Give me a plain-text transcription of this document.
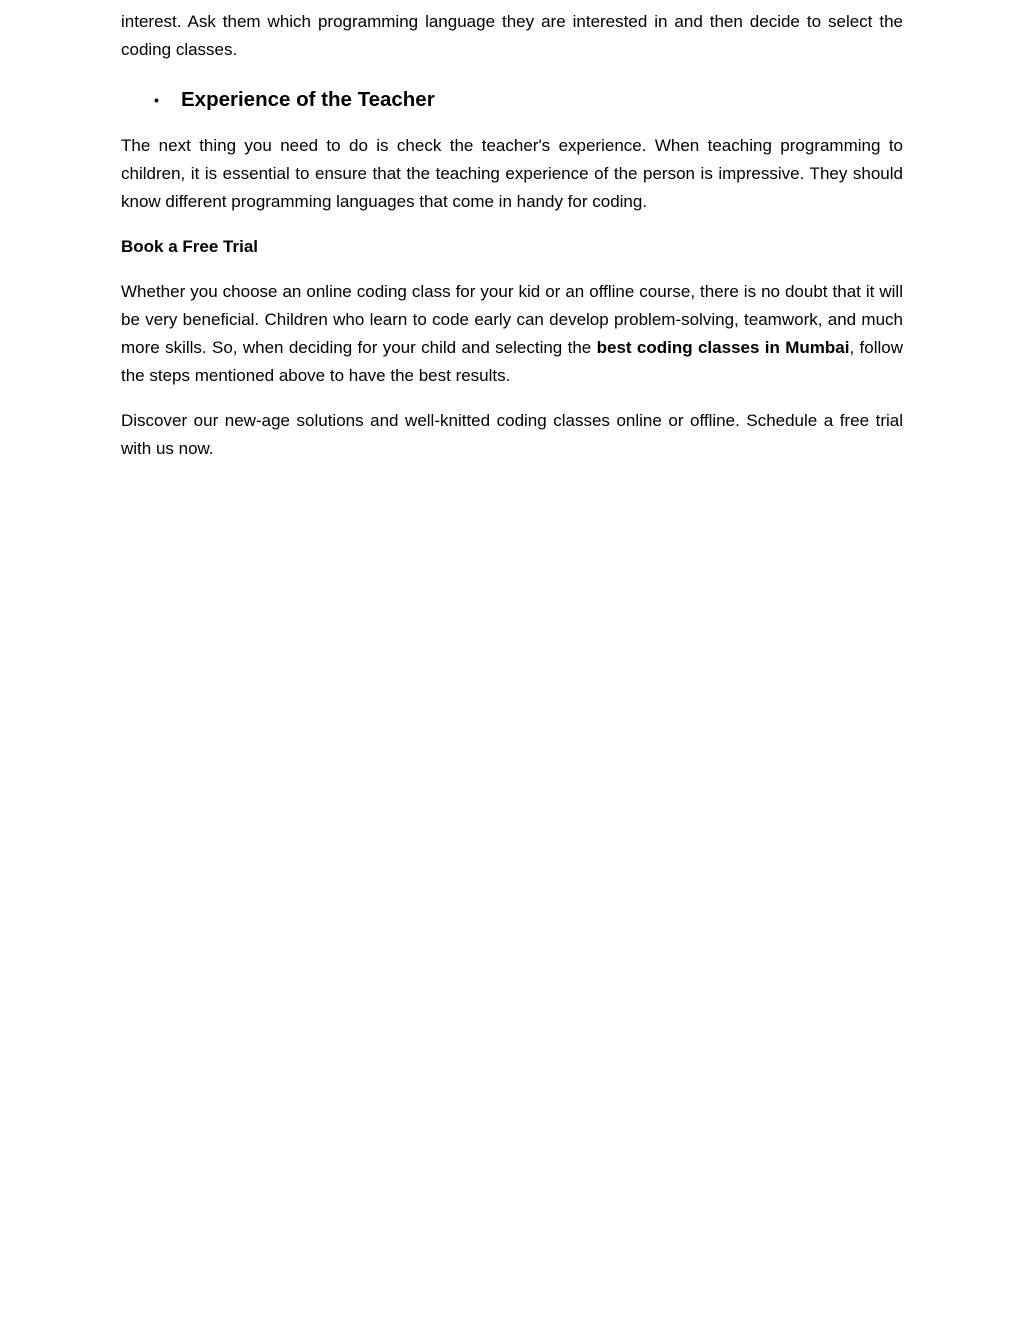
interest. Ask them which programming language they are interested in and then decide to select the coding classes.

•	Experience of the Teacher

The next thing you need to do is check the teacher's experience. When teaching programming to children, it is essential to ensure that the teaching experience of the person is impressive. They should know different programming languages that come in handy for coding.

Book a Free Trial

Whether you choose an online coding class for your kid or an offline course, there is no doubt that it will be very beneficial. Children who learn to code early can develop problem-solving, teamwork, and much more skills. So, when deciding for your child and selecting the best coding classes in Mumbai, follow the steps mentioned above to have the best results.

Discover our new-age solutions and well-knitted coding classes online or offline. Schedule a free trial with us now.
